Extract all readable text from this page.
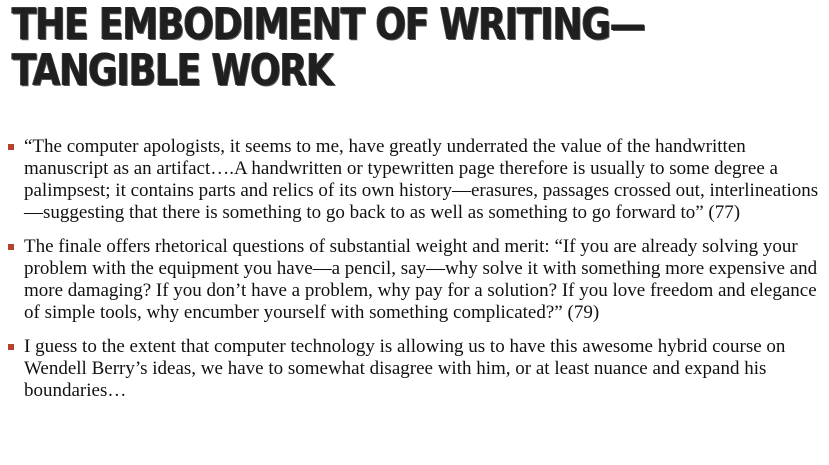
THE EMBODIMENT OF WRITING—
TANGIBLE WORK
“The computer apologists, it seems to me, have greatly underrated the value of the handwritten manuscript as an artifact….A handwritten or typewritten page therefore is usually to some degree a palimpsest; it contains parts and relics of its own history—erasures, passages crossed out, interlineations—suggesting that there is something to go back to as well as something to go forward to” (77)
The finale offers rhetorical questions of substantial weight and merit: “If you are already solving your problem with the equipment you have—a pencil, say—why solve it with something more expensive and more damaging? If you don’t have a problem, why pay for a solution? If you love freedom and elegance of simple tools, why encumber yourself with something complicated?” (79)
I guess to the extent that computer technology is allowing us to have this awesome hybrid course on Wendell Berry’s ideas, we have to somewhat disagree with him, or at least nuance and expand his boundaries…
